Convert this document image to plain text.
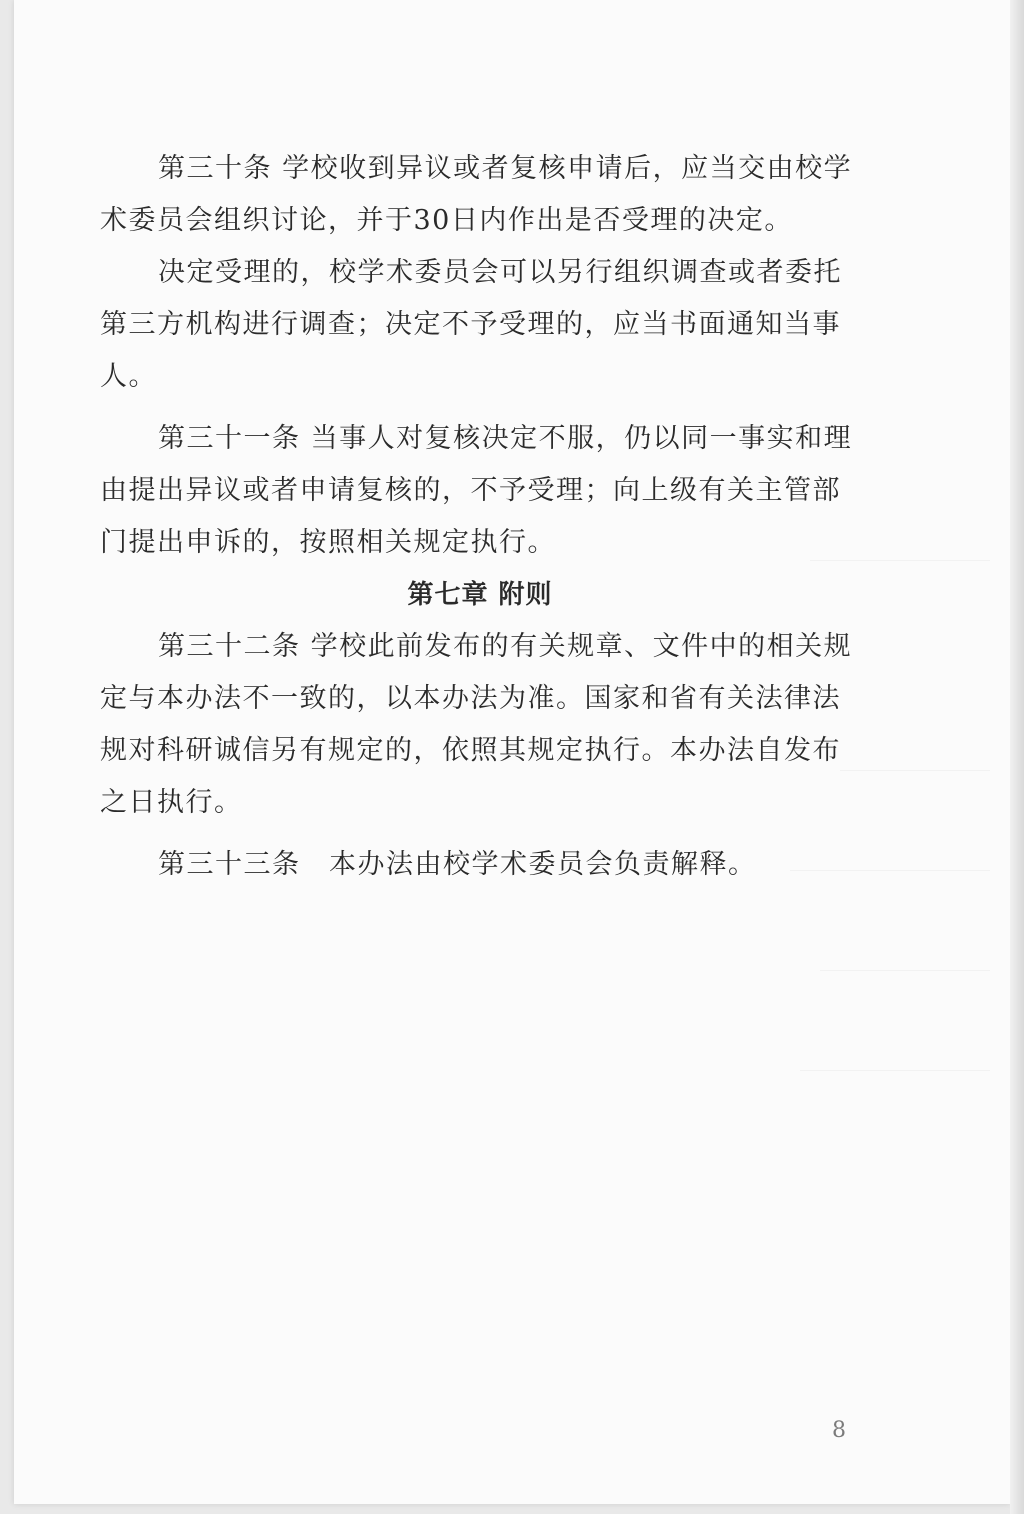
第三十条 学校收到异议或者复核申请后，应当交由校学术委员会组织讨论，并于30日内作出是否受理的决定。

决定受理的，校学术委员会可以另行组织调查或者委托第三方机构进行调查；决定不予受理的，应当书面通知当事人。

第三十一条 当事人对复核决定不服，仍以同一事实和理由提出异议或者申请复核的，不予受理；向上级有关主管部门提出申诉的，按照相关规定执行。

第七章 附则

第三十二条 学校此前发布的有关规章、文件中的相关规定与本办法不一致的，以本办法为准。国家和省有关法律法规对科研诚信另有规定的，依照其规定执行。本办法自发布之日执行。

第三十三条　本办法由校学术委员会负责解释。

8
